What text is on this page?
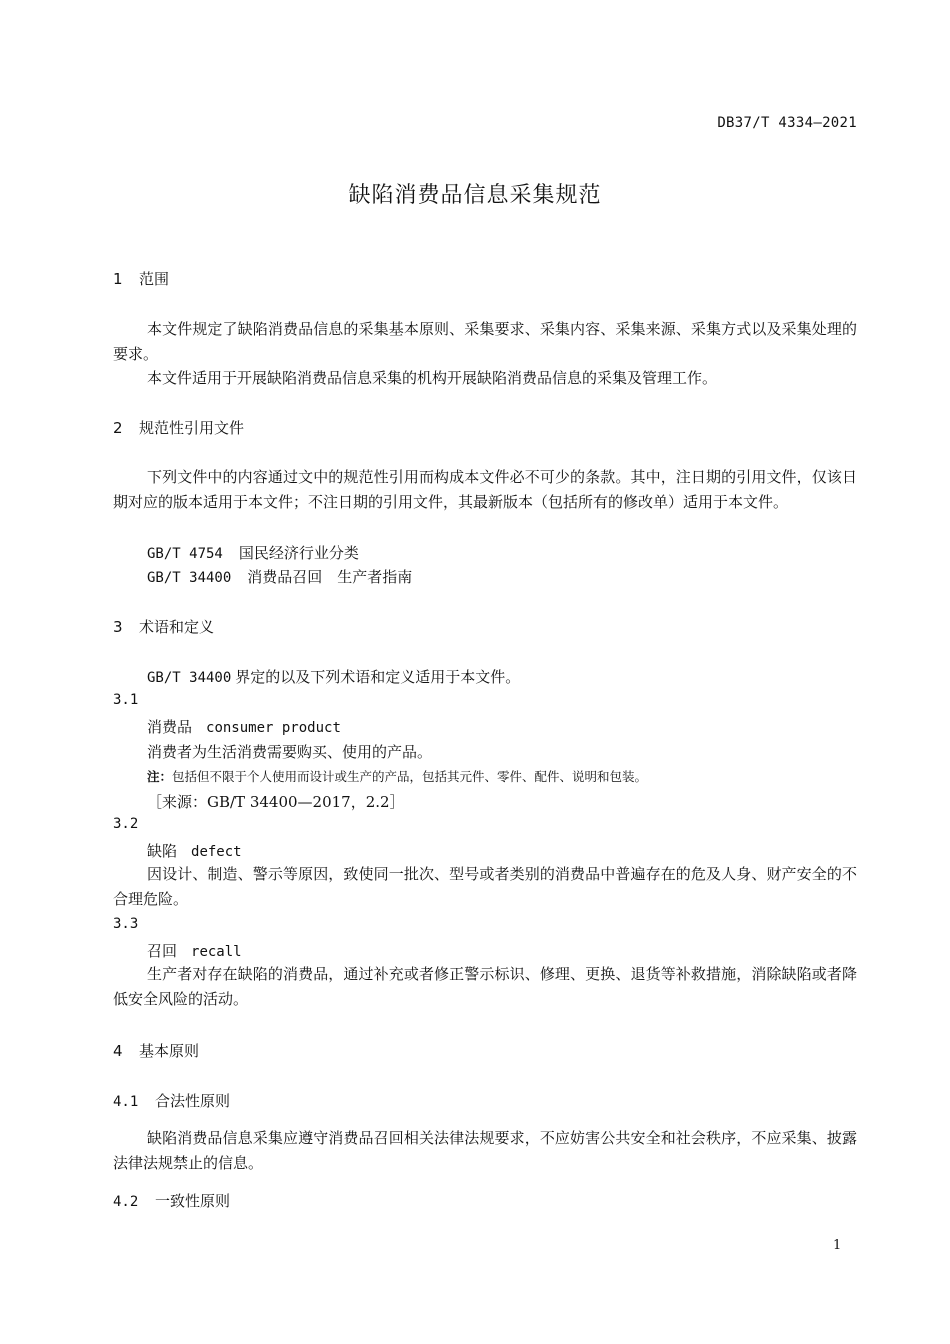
DB37/T 4334—2021
缺陷消费品信息采集规范
1 范围
本文件规定了缺陷消费品信息的采集基本原则、采集要求、采集内容、采集来源、采集方式以及采集处理的要求。
本文件适用于开展缺陷消费品信息采集的机构开展缺陷消费品信息的采集及管理工作。
2 规范性引用文件
下列文件中的内容通过文中的规范性引用而构成本文件必不可少的条款。其中，注日期的引用文件，仅该日期对应的版本适用于本文件；不注日期的引用文件，其最新版本（包括所有的修改单）适用于本文件。
GB/T 4754 国民经济行业分类
GB/T 34400 消费品召回　生产者指南
3 术语和定义
GB/T 34400 界定的以及下列术语和定义适用于本文件。
3.1
消费品 consumer product
消费者为生活消费需要购买、使用的产品。
注：包括但不限于个人使用而设计或生产的产品，包括其元件、零件、配件、说明和包装。
［来源：GB/T 34400—2017，2.2］
3.2
缺陷 defect
因设计、制造、警示等原因，致使同一批次、型号或者类别的消费品中普遍存在的危及人身、财产安全的不合理危险。
3.3
召回 recall
生产者对存在缺陷的消费品，通过补充或者修正警示标识、修理、更换、退货等补救措施，消除缺陷或者降低安全风险的活动。
4 基本原则
4.1 合法性原则
缺陷消费品信息采集应遵守消费品召回相关法律法规要求，不应妨害公共安全和社会秩序，不应采集、披露法律法规禁止的信息。
4.2 一致性原则
1
